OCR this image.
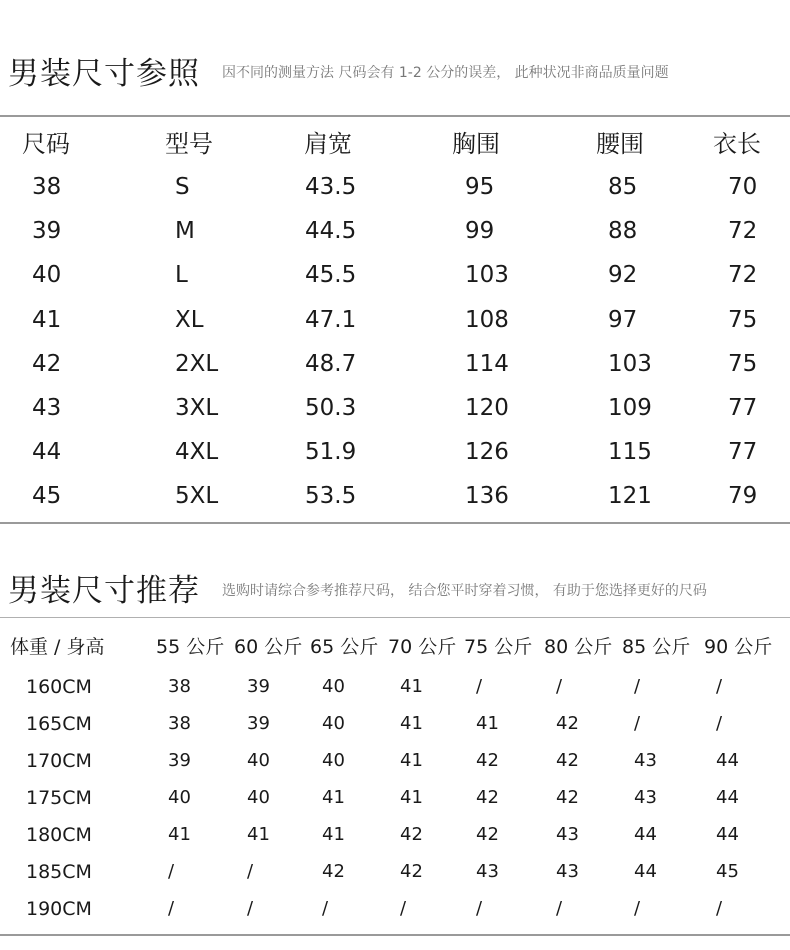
男装尺寸参照 因不同的测量方法 尺码会有 1-2 公分的误差， 此种状况非商品质量问题
尺码	型号	肩宽	胸围	腰围	衣长
38	S	43.5	95	85	70
39	M	44.5	99	88	72
40	L	45.5	103	92	72
41	XL	47.1	108	97	75
42	2XL	48.7	114	103	75
43	3XL	50.3	120	109	77
44	4XL	51.9	126	115	77
45	5XL	53.5	136	121	79
男装尺寸推荐 选购时请综合参考推荐尺码， 结合您平时穿着习惯， 有助于您选择更好的尺码
体重 / 身高	55 公斤 60 公斤 65 公斤 70 公斤 75 公斤 80 公斤 85 公斤 90 公斤
160CM	38	39	40	41	/	/	/	/
165CM	38	39	40	41	41	42	/	/
170CM	39	40	40	41	42	42	43	44
175CM	40	40	41	41	42	42	43	44
180CM	41	41	41	42	42	43	44	44
185CM	/	/	42	42	43	43	44	45
190CM	/	/	/	/	/	/	/	/
